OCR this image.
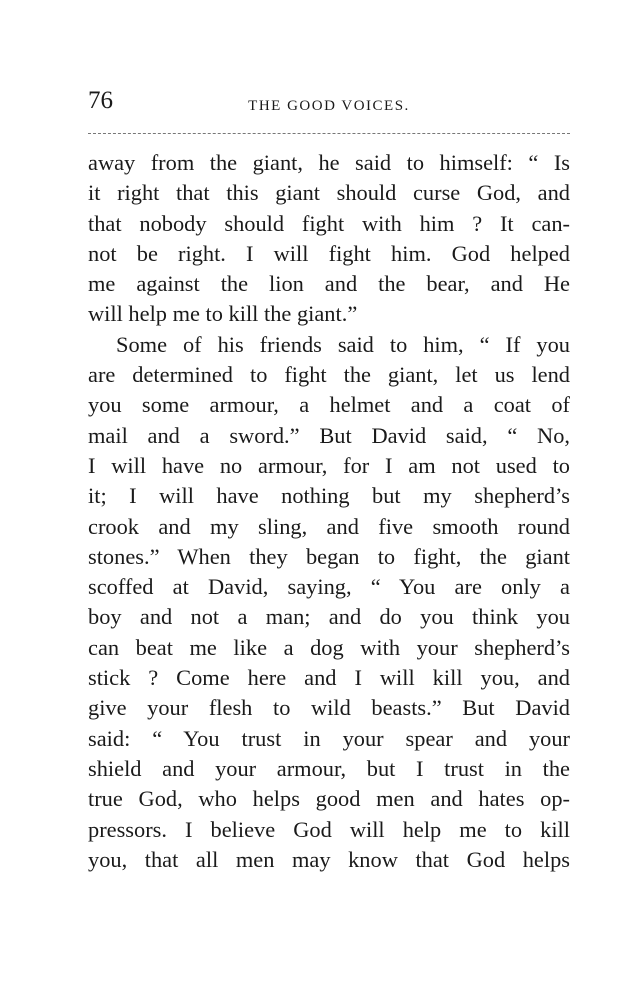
76	THE GOOD VOICES.
away from the giant, he said to himself: “ Is
it right that this giant should curse God, and
that nobody should fight with him ? It can-
not be right. I will fight him. God helped
me against the lion and the bear, and He
will help me to kill the giant.”
Some of his friends said to him, “ If you
are determined to fight the giant, let us lend
you some armour, a helmet and a coat of
mail and a sword.” But David said, “ No,
I will have no armour, for I am not used to
it; I will have nothing but my shepherd’s
crook and my sling, and five smooth round
stones.” When they began to fight, the giant
scoffed at David, saying, “ You are only a
boy and not a man; and do you think you
can beat me like a dog with your shepherd’s
stick ? Come here and I will kill you, and
give your flesh to wild beasts.” But David
said: “ You trust in your spear and your
shield and your armour, but I trust in the
true God, who helps good men and hates op-
pressors. I believe God will help me to kill
you, that all men may know that God helps
